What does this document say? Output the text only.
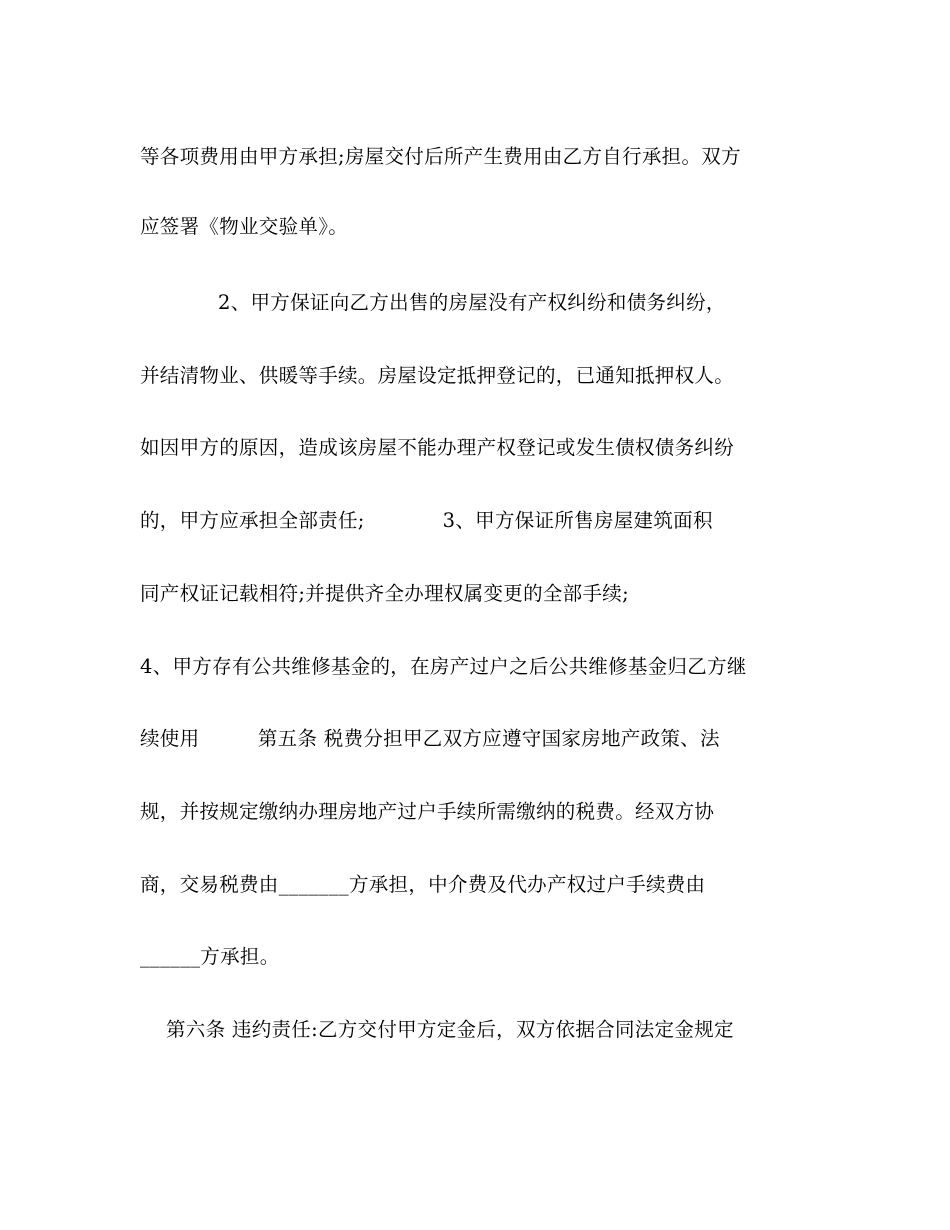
等各项费用由甲方承担;房屋交付后所产生费用由乙方自行承担。双方
应签署《物业交验单》。
2、甲方保证向乙方出售的房屋没有产权纠纷和债务纠纷，
并结清物业、供暖等手续。房屋设定抵押登记的，已通知抵押权人。
如因甲方的原因，造成该房屋不能办理产权登记或发生债权债务纠纷
的，甲方应承担全部责任;            3、甲方保证所售房屋建筑面积
同产权证记载相符;并提供齐全办理权属变更的全部手续;
4、甲方存有公共维修基金的，在房产过户之后公共维修基金归乙方继
续使用         第五条 税费分担甲乙双方应遵守国家房地产政策、法
规，并按规定缴纳办理房地产过户手续所需缴纳的税费。经双方协
商，交易税费由_______方承担，中介费及代办产权过户手续费由
______方承担。
第六条 违约责任:乙方交付甲方定金后，双方依据合同法定金规定
